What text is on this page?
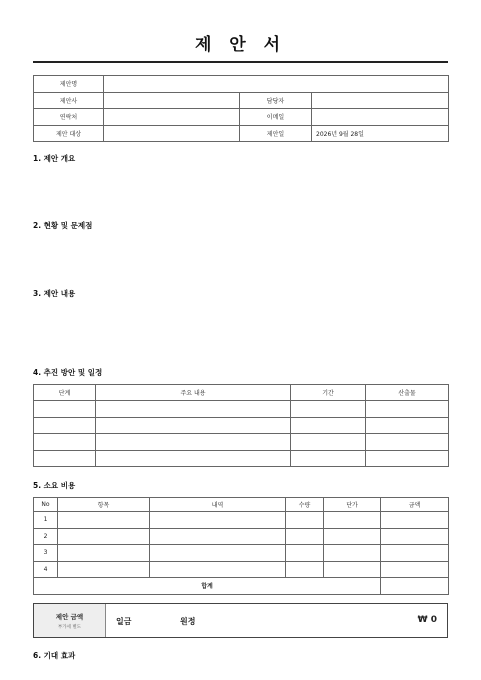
제 안 서
제안명			
제안사		담당자	
연락처		이메일	
제안 대상		제안일	2026년 9월 28일
1. 제안 개요
2. 현황 및 문제점
3. 제안 내용
4. 추진 방안 및 일정
단계	주요 내용	기간	산출물

5. 소요 비용
No	항목	내역	수량	단가	금액
1					
2					
3					
4					
합계					
제안 금액
부가세 별도
일금	원정	₩ 0
6. 기대 효과
